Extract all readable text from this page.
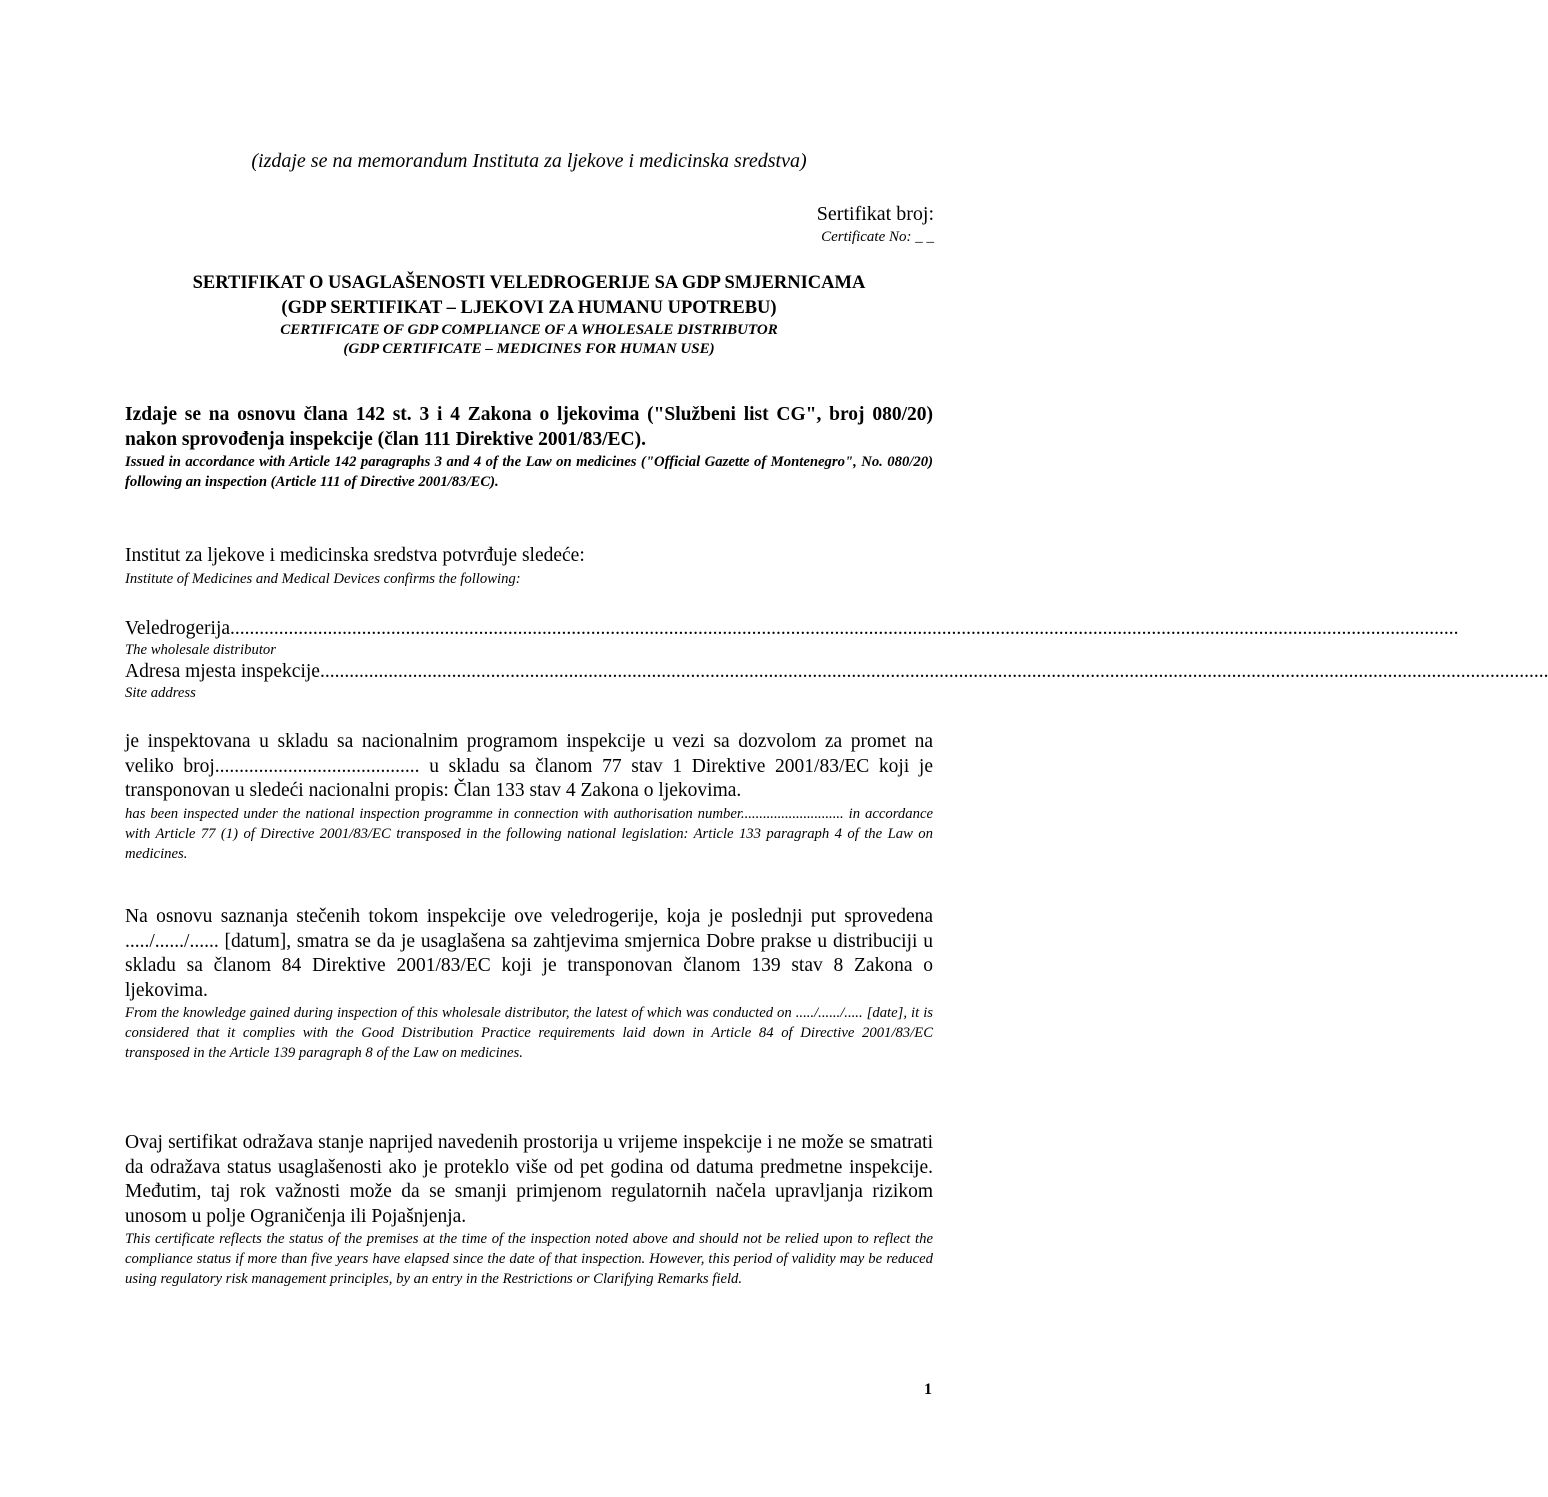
(izdaje se na memorandum Instituta za ljekove i medicinska sredstva)
Sertifikat broj:
Certificate No: _ _
SERTIFIKAT O USAGLAŠENOSTI VELEDROGERIJE SA GDP SMJERNICAMA
(GDP SERTIFIKAT – LJEKOVI ZA HUMANU UPOTREBU)
CERTIFICATE OF GDP COMPLIANCE OF A WHOLESALE DISTRIBUTOR
(GDP CERTIFICATE – MEDICINES FOR HUMAN USE)
Izdaje se na osnovu člana 142 st. 3 i 4 Zakona o ljekovima ("Službeni list CG", broj 080/20) nakon sprovođenja inspekcije (član 111 Direktive 2001/83/EC).
Issued in accordance with Article 142 paragraphs 3 and 4 of the Law on medicines ("Official Gazette of Montenegro", No. 080/20) following an inspection (Article 111 of Directive 2001/83/EC).
Institut za ljekove i medicinska sredstva potvrđuje sledeće:
Institute of Medicines and Medical Devices confirms the following:
Veledrogerija ............................................................................................................................................................................................................................................................
The wholesale distributor
Adresa mjesta inspekcije ............................................................................................................................................................................................................................................................
Site address
je inspektovana u skladu sa nacionalnim programom inspekcije u vezi sa dozvolom za promet na veliko broj.......................................... u skladu sa članom 77 stav 1 Direktive 2001/83/EC koji je transponovan u sledeći nacionalni propis: Član 133 stav 4 Zakona o ljekovima.
has been inspected under the national inspection programme in connection with authorisation number............................ in accordance with Article 77 (1) of Directive 2001/83/EC transposed in the following national legislation: Article 133 paragraph 4 of the Law on medicines.
Na osnovu saznanja stečenih tokom inspekcije ove veledrogerije, koja je poslednji put sprovedena ...../....../...... [datum], smatra se da je usaglašena sa zahtjevima smjernica Dobre prakse u distribuciji u skladu sa članom 84 Direktive 2001/83/EC koji je transponovan članom 139 stav 8 Zakona o ljekovima.
From the knowledge gained during inspection of this wholesale distributor, the latest of which was conducted on ...../....../..... [date], it is considered that it complies with the Good Distribution Practice requirements laid down in Article 84 of Directive 2001/83/EC transposed in the Article 139 paragraph 8 of the Law on medicines.
Ovaj sertifikat odražava stanje naprijed navedenih prostorija u vrijeme inspekcije i ne može se smatrati da odražava status usaglašenosti ako je proteklo više od pet godina od datuma predmetne inspekcije. Međutim, taj rok važnosti može da se smanji primjenom regulatornih načela upravljanja rizikom unosom u polje Ograničenja ili Pojašnjenja.
This certificate reflects the status of the premises at the time of the inspection noted above and should not be relied upon to reflect the compliance status if more than five years have elapsed since the date of that inspection. However, this period of validity may be reduced using regulatory risk management principles, by an entry in the Restrictions or Clarifying Remarks field.
1
